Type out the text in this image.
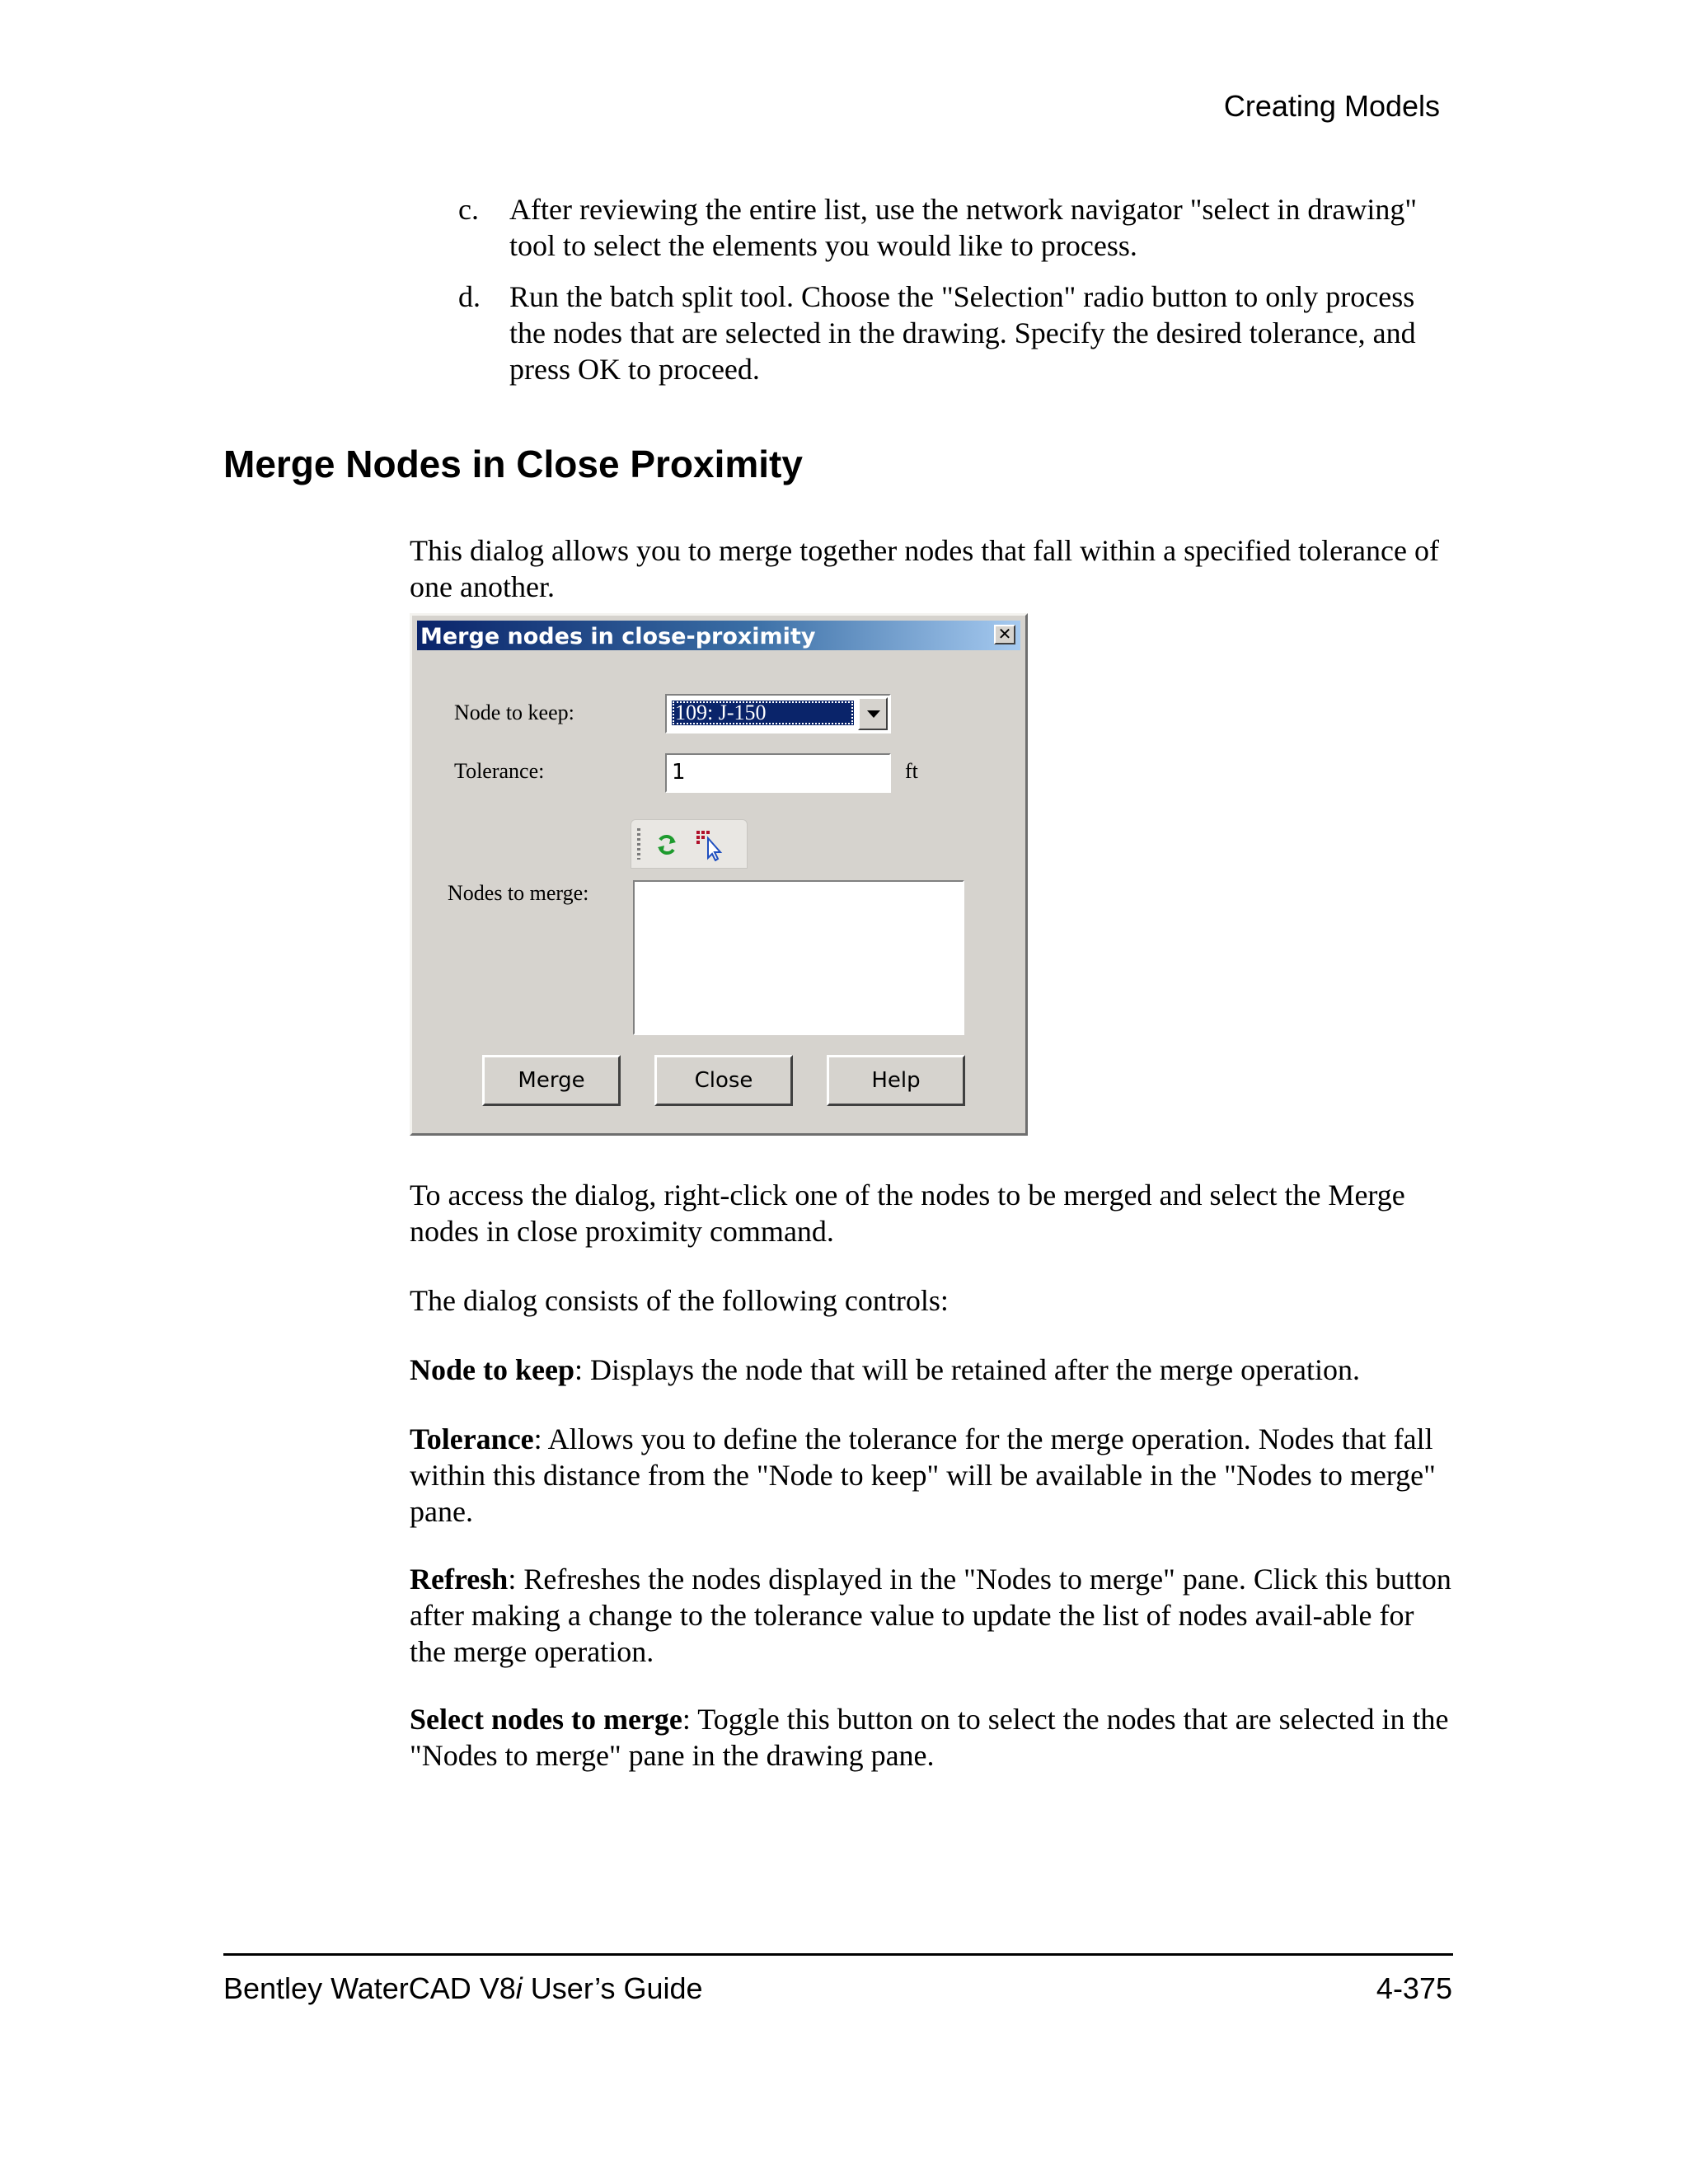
Creating Models

c. After reviewing the entire list, use the network navigator "select in drawing" tool to select the elements you would like to process.
d. Run the batch split tool. Choose the "Selection" radio button to only process the nodes that are selected in the drawing. Specify the desired tolerance, and press OK to proceed.
Merge Nodes in Close Proximity

This dialog allows you to merge together nodes that fall within a specified tolerance of one another.

Merge nodes in close-proximity	✕
Node to keep:	109: J-150
Tolerance:	1	ft
Nodes to merge:
Merge	Close	Help

To access the dialog, right-click one of the nodes to be merged and select the Merge nodes in close proximity command.

The dialog consists of the following controls:

Node to keep: Displays the node that will be retained after the merge operation.

Tolerance: Allows you to define the tolerance for the merge operation. Nodes that fall within this distance from the "Node to keep" will be available in the "Nodes to merge" pane.

Refresh: Refreshes the nodes displayed in the "Nodes to merge" pane. Click this button after making a change to the tolerance value to update the list of nodes avail-able for the merge operation.

Select nodes to merge: Toggle this button on to select the nodes that are selected in the "Nodes to merge" pane in the drawing pane.

Bentley WaterCAD V8i User’s Guide	4-375
